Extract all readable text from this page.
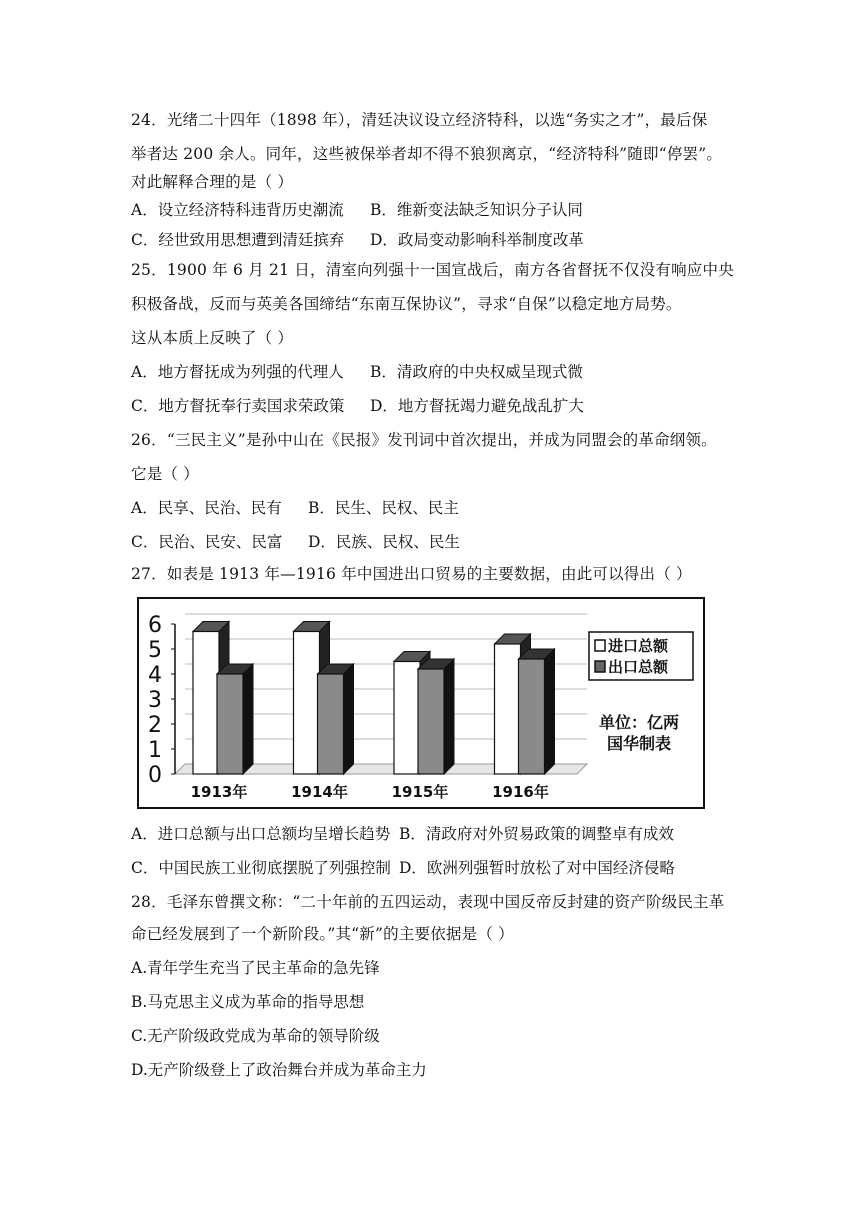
24．光绪二十四年（1898 年），清廷决议设立经济特科，以选“务实之才”，最后保
举者达 200 余人。同年，这些被保举者却不得不狼狈离京，“经济特科”随即“停罢”。
对此解释合理的是（ ）
A．设立经济特科违背历史潮流 B．维新变法缺乏知识分子认同
C．经世致用思想遭到清廷摈弃 D．政局变动影响科举制度改革
25．1900 年 6 月 21 日，清室向列强十一国宣战后，南方各省督抚不仅没有响应中央
积极备战，反而与英美各国缔结“东南互保协议”，寻求“自保”以稳定地方局势。
这从本质上反映了（ ）
A．地方督抚成为列强的代理人 B．清政府的中央权威呈现式微
C．地方督抚奉行卖国求荣政策 D．地方督抚竭力避免战乱扩大
26．“三民主义”是孙中山在《民报》发刊词中首次提出，并成为同盟会的革命纲领。
它是（ ）
A．民享、民治、民有 B．民生、民权、民主
C．民治、民安、民富 D．民族、民权、民生
27．如表是 1913 年—1916 年中国进出口贸易的主要数据，由此可以得出（ ）
0
1
2
3
4
5
6
1913年	1914年	1915年	1916年
进口总额
出口总额
单位：亿两
国华制表
A．进口总额与出口总额均呈增长趋势 B．清政府对外贸易政策的调整卓有成效
C．中国民族工业彻底摆脱了列强控制 D．欧洲列强暂时放松了对中国经济侵略
28．毛泽东曾撰文称：“二十年前的五四运动，表现中国反帝反封建的资产阶级民主革
命已经发展到了一个新阶段。”其“新”的主要依据是（ ）
A.青年学生充当了民主革命的急先锋
B.马克思主义成为革命的指导思想
C.无产阶级政党成为革命的领导阶级
D.无产阶级登上了政治舞台并成为革命主力
